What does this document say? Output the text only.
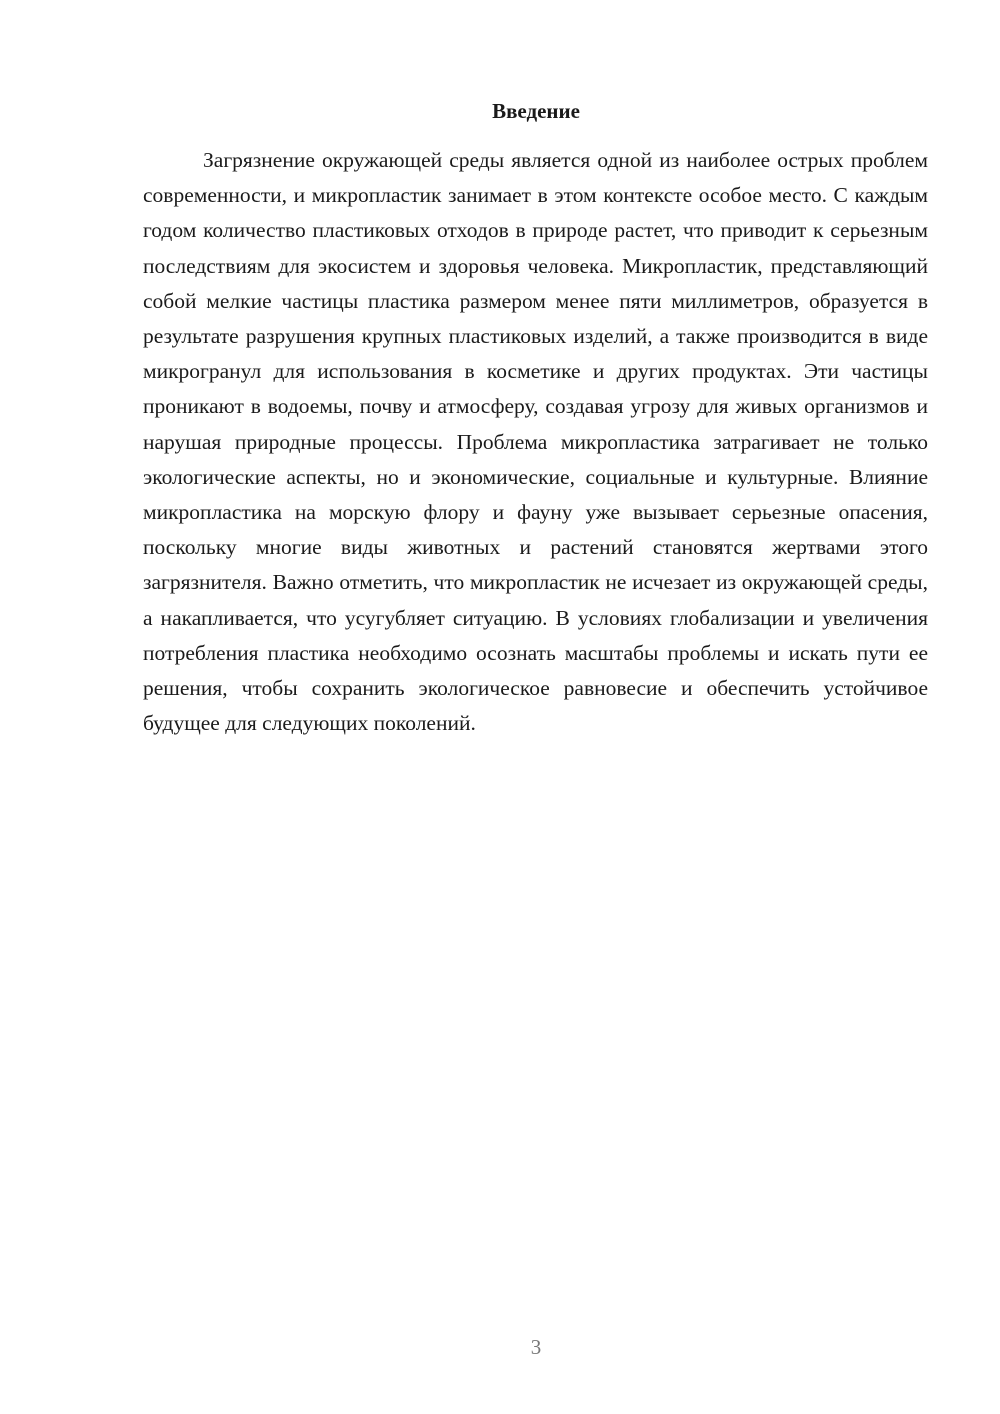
Введение

Загрязнение окружающей среды является одной из наиболее острых проблем современности, и микропластик занимает в этом контексте особое место. С каждым годом количество пластиковых отходов в природе растет, что приводит к серьезным последствиям для экосистем и здоровья человека. Микропластик, представляющий собой мелкие частицы пластика размером менее пяти миллиметров, образуется в результате разрушения крупных пластиковых изделий, а также производится в виде микрогранул для использования в косметике и других продуктах. Эти частицы проникают в водоемы, почву и атмосферу, создавая угрозу для живых организмов и нарушая природные процессы. Проблема микропластика затрагивает не только экологические аспекты, но и экономические, социальные и культурные. Влияние микропластика на морскую флору и фауну уже вызывает серьезные опасения, поскольку многие виды животных и растений становятся жертвами этого загрязнителя. Важно отметить, что микропластик не исчезает из окружающей среды, а накапливается, что усугубляет ситуацию. В условиях глобализации и увеличения потребления пластика необходимо осознать масштабы проблемы и искать пути ее решения, чтобы сохранить экологическое равновесие и обеспечить устойчивое будущее для следующих поколений.

3
